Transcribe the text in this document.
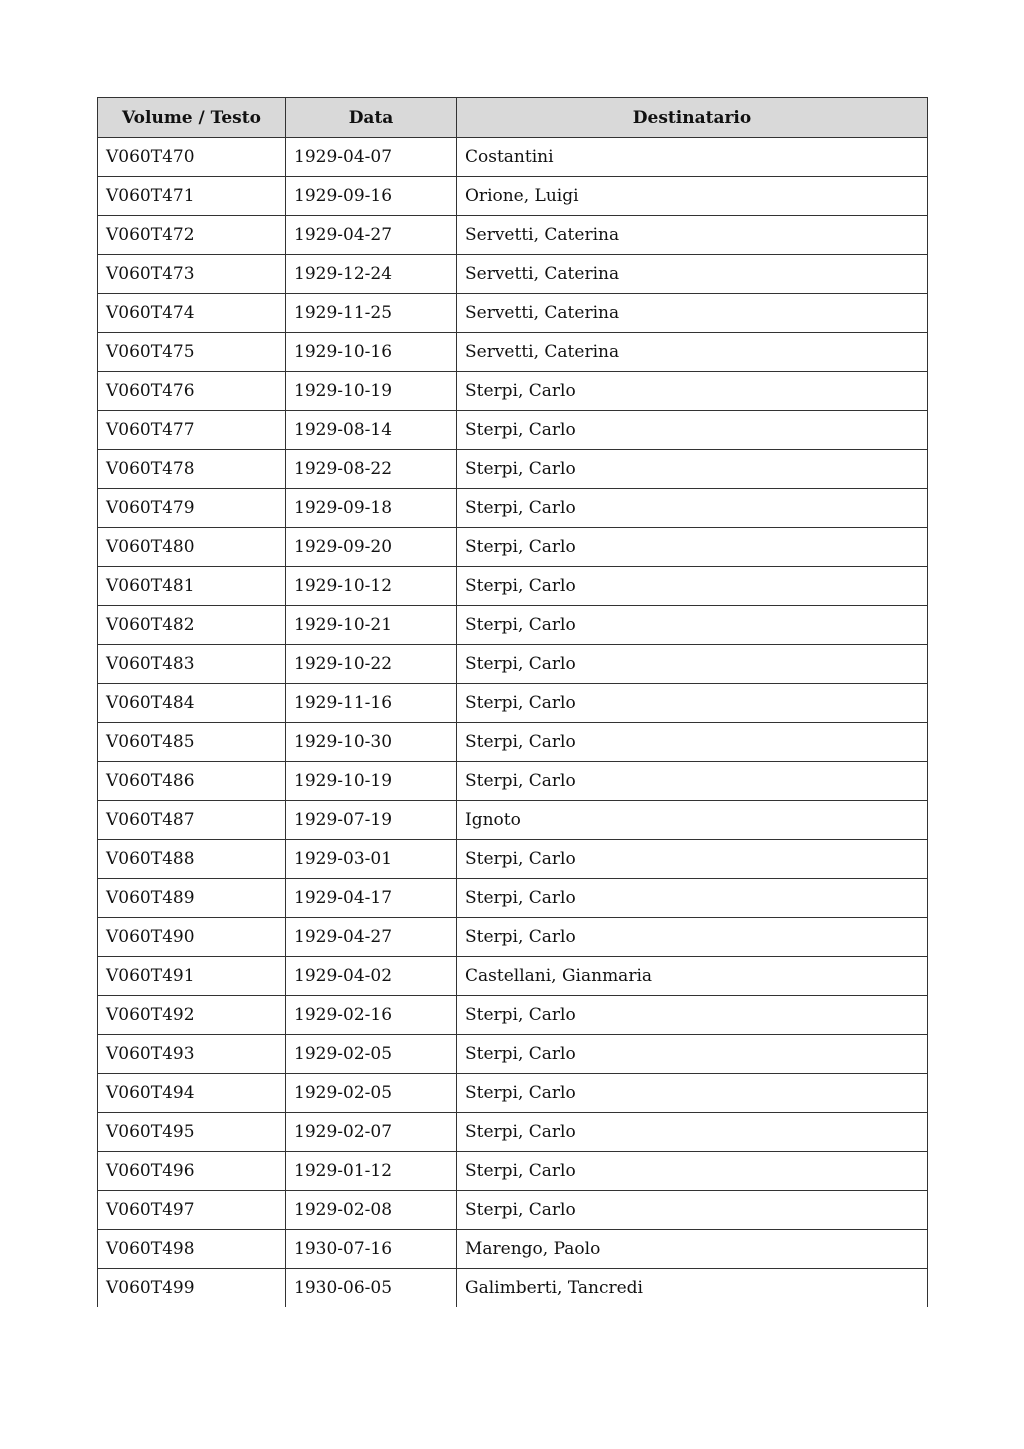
Volume / Testo	Data	Destinatario
V060T470	1929-04-07	Costantini
V060T471	1929-09-16	Orione, Luigi
V060T472	1929-04-27	Servetti, Caterina
V060T473	1929-12-24	Servetti, Caterina
V060T474	1929-11-25	Servetti, Caterina
V060T475	1929-10-16	Servetti, Caterina
V060T476	1929-10-19	Sterpi, Carlo
V060T477	1929-08-14	Sterpi, Carlo
V060T478	1929-08-22	Sterpi, Carlo
V060T479	1929-09-18	Sterpi, Carlo
V060T480	1929-09-20	Sterpi, Carlo
V060T481	1929-10-12	Sterpi, Carlo
V060T482	1929-10-21	Sterpi, Carlo
V060T483	1929-10-22	Sterpi, Carlo
V060T484	1929-11-16	Sterpi, Carlo
V060T485	1929-10-30	Sterpi, Carlo
V060T486	1929-10-19	Sterpi, Carlo
V060T487	1929-07-19	Ignoto
V060T488	1929-03-01	Sterpi, Carlo
V060T489	1929-04-17	Sterpi, Carlo
V060T490	1929-04-27	Sterpi, Carlo
V060T491	1929-04-02	Castellani, Gianmaria
V060T492	1929-02-16	Sterpi, Carlo
V060T493	1929-02-05	Sterpi, Carlo
V060T494	1929-02-05	Sterpi, Carlo
V060T495	1929-02-07	Sterpi, Carlo
V060T496	1929-01-12	Sterpi, Carlo
V060T497	1929-02-08	Sterpi, Carlo
V060T498	1930-07-16	Marengo, Paolo
V060T499	1930-06-05	Galimberti, Tancredi
